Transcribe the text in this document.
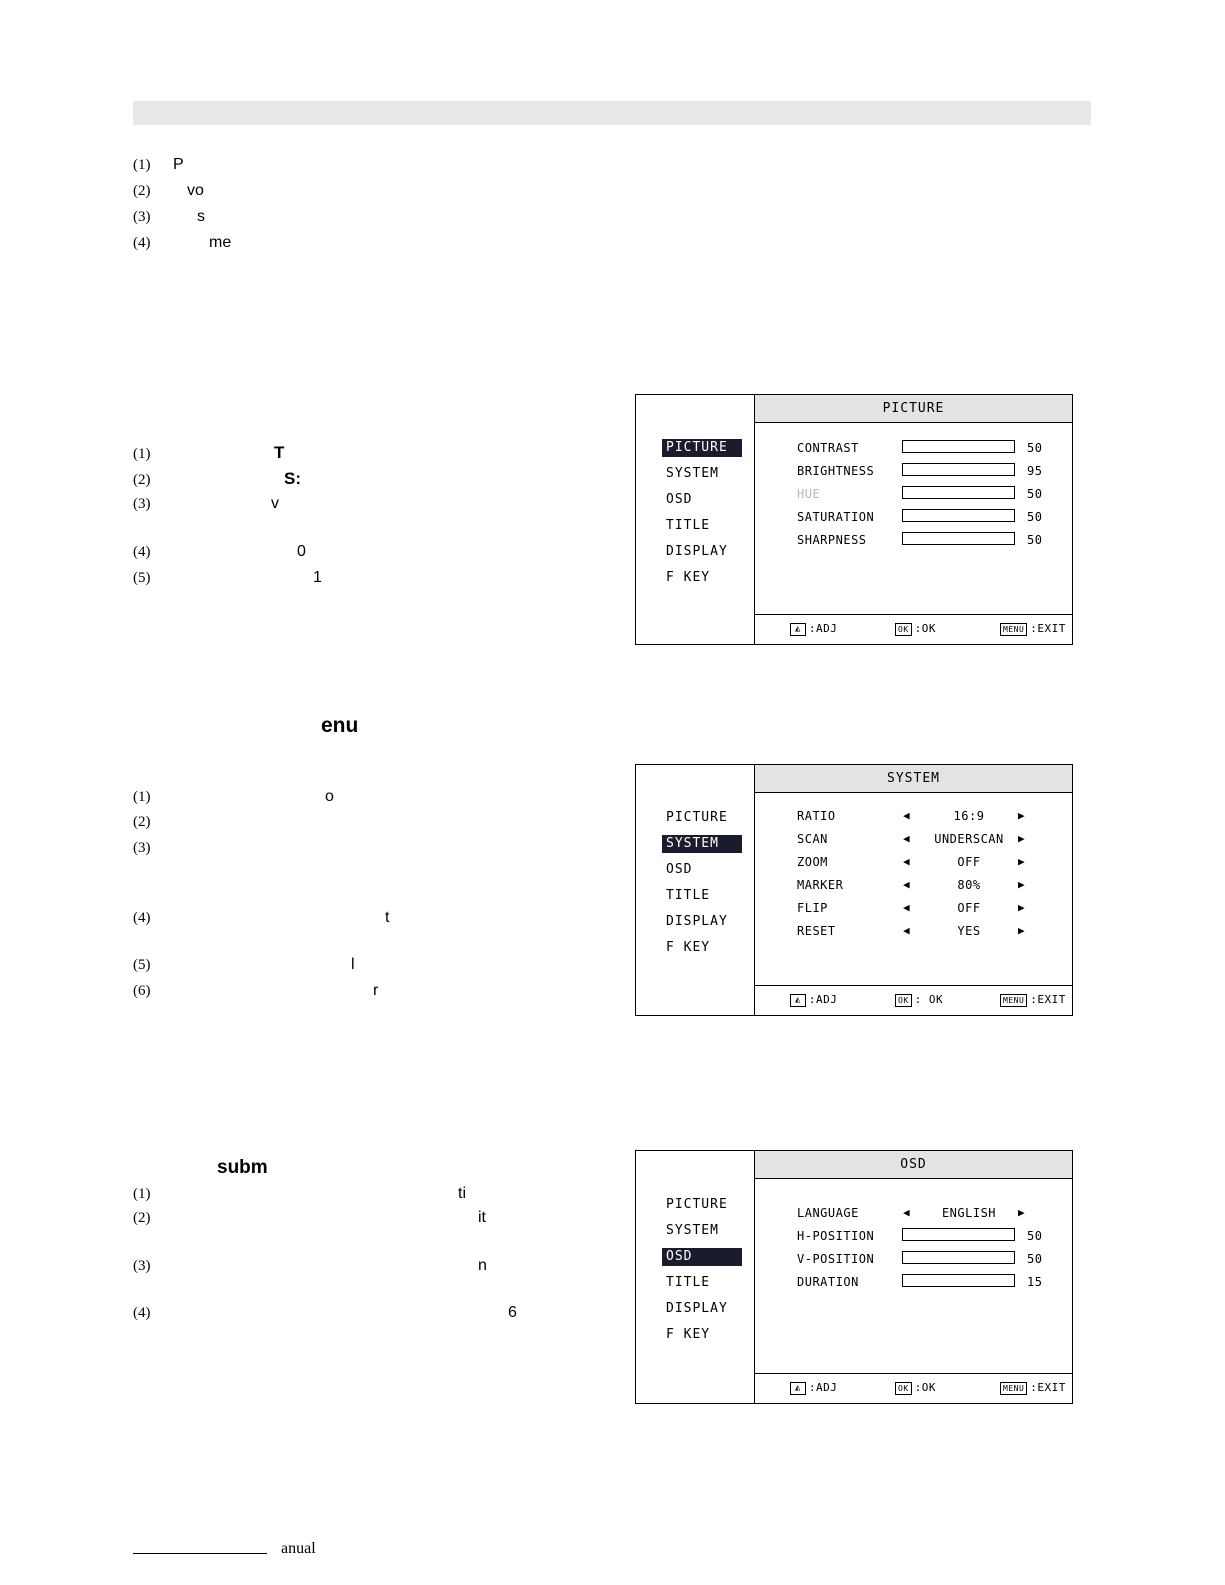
(1) P
(2) vo
(3)	s
(4)	me
(1)	T
(2)	S:
(3)	v
(4)	0
(5)	1
enu
(1)	o
(2)
(3)
(4)	t
(5)	l
(6)	r
subm
(1)	ti
(2)	it
(3)	n
(4)	6
PICTURE
SYSTEM
OSD
TITLE
DISPLAY
F KEY
PICTURE
CONTRAST	50
BRIGHTNESS	95
HUE	50
SATURATION	50
SHARPNESS	50
◭ :ADJ	OK :OK	MENU :EXIT
PICTURE
SYSTEM
OSD
TITLE
DISPLAY
F KEY
SYSTEM
RATIO	◀	16:9	▶
SCAN	◀	UNDERSCAN	▶
ZOOM	◀	OFF	▶
MARKER	◀	80%	▶
FLIP	◀	OFF	▶
RESET	◀	YES	▶
◭ :ADJ	OK : OK	MENU :EXIT
PICTURE
SYSTEM
OSD
TITLE
DISPLAY
F KEY
OSD
LANGUAGE	◀	ENGLISH	▶
H-POSITION	50
V-POSITION	50
DURATION	15
◭ :ADJ	OK :OK	MENU :EXIT
anual
